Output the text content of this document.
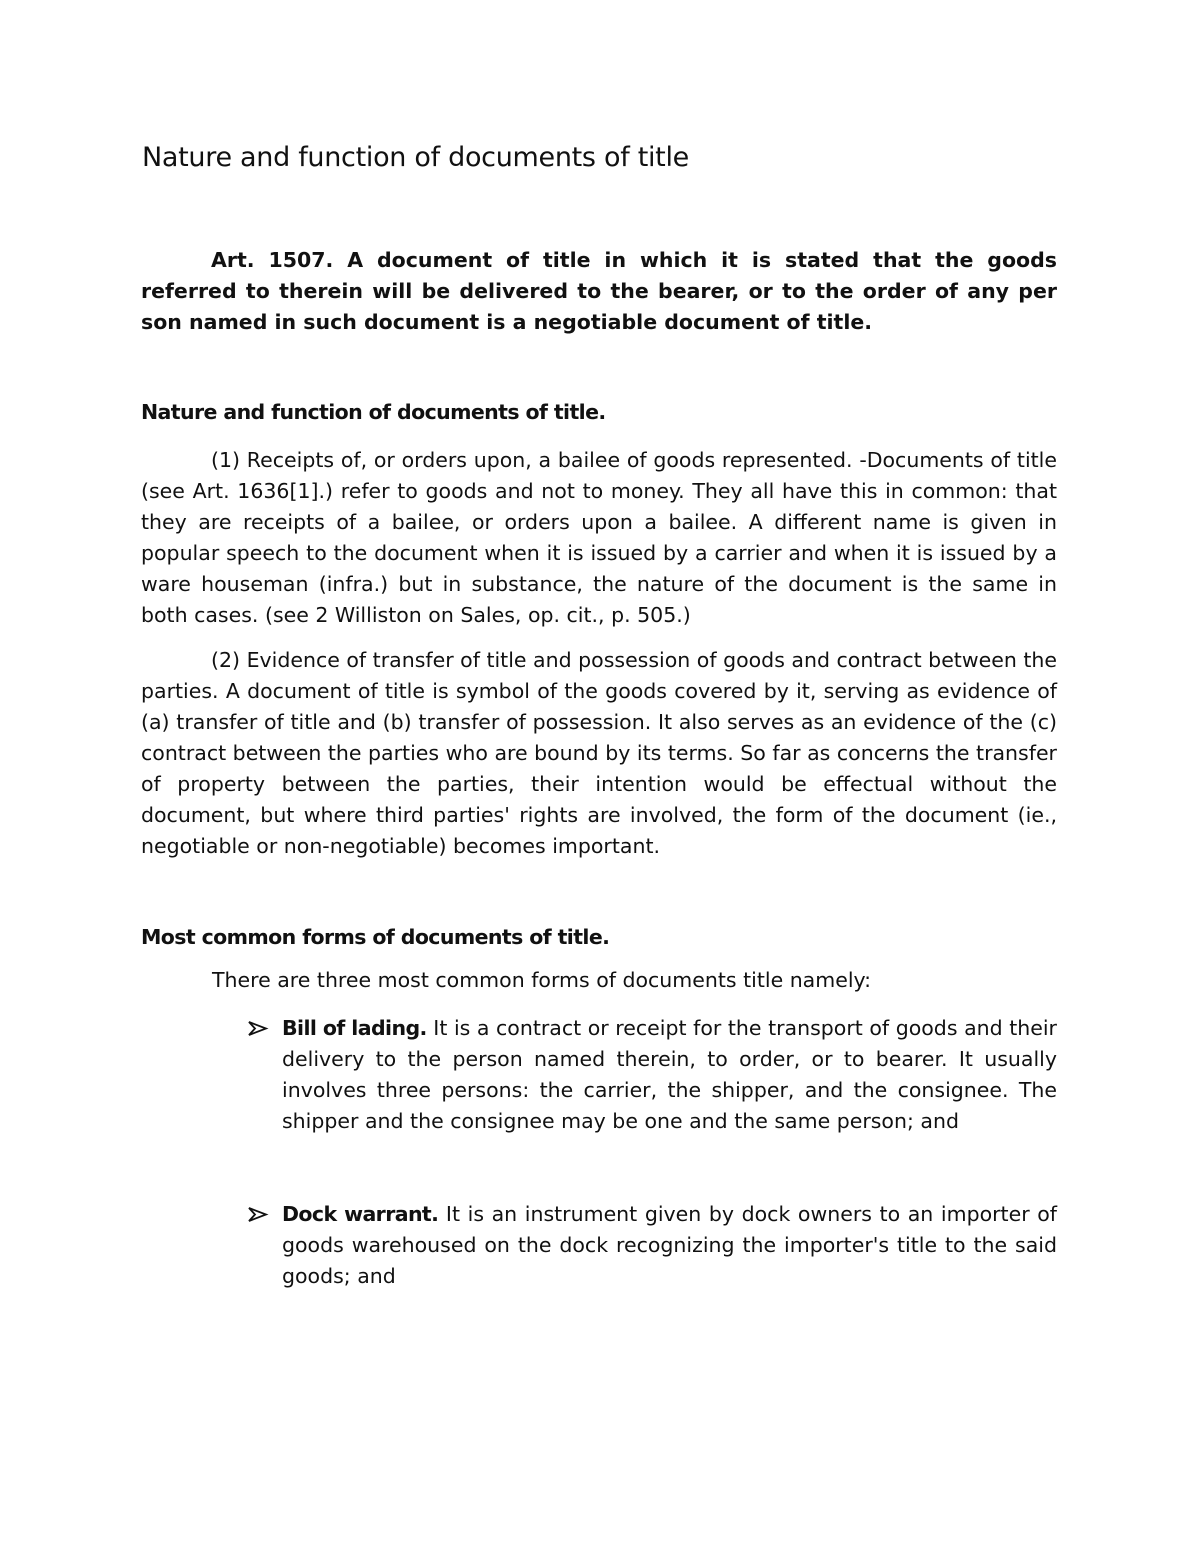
Nature and function of documents of title

Art. 1507. A document of title in which it is stated that the goods referred to therein will be delivered to the bearer, or to the order of any per son named in such document is a negotiable document of title.

Nature and function of documents of title.

(1) Receipts of, or orders upon, a bailee of goods represented. -Documents of title (see Art. 1636[1].) refer to goods and not to money. They all have this in common: that they are receipts of a bailee, or orders upon a bailee. A different name is given in popular speech to the document when it is issued by a carrier and when it is issued by a ware houseman (infra.) but in substance, the nature of the document is the same in both cases. (see 2 Williston on Sales, op. cit., p. 505.)

(2) Evidence of transfer of title and possession of goods and contract between the parties. A document of title is symbol of the goods covered by it, serving as evidence of (a) transfer of title and (b) transfer of possession. It also serves as an evidence of the (c) contract between the parties who are bound by its terms. So far as concerns the transfer of property between the parties, their intention would be effectual without the document, but where third parties' rights are involved, the form of the document (ie., negotiable or non-negotiable) becomes important.

Most common forms of documents of title.

There are three most common forms of documents title namely:

Bill of lading. It is a contract or receipt for the transport of goods and their delivery to the person named therein, to order, or to bearer. It usually involves three persons: the carrier, the shipper, and the consignee. The shipper and the consignee may be one and the same person; and
Dock warrant. It is an instrument given by dock owners to an importer of goods warehoused on the dock recognizing the importer's title to the said goods; and
